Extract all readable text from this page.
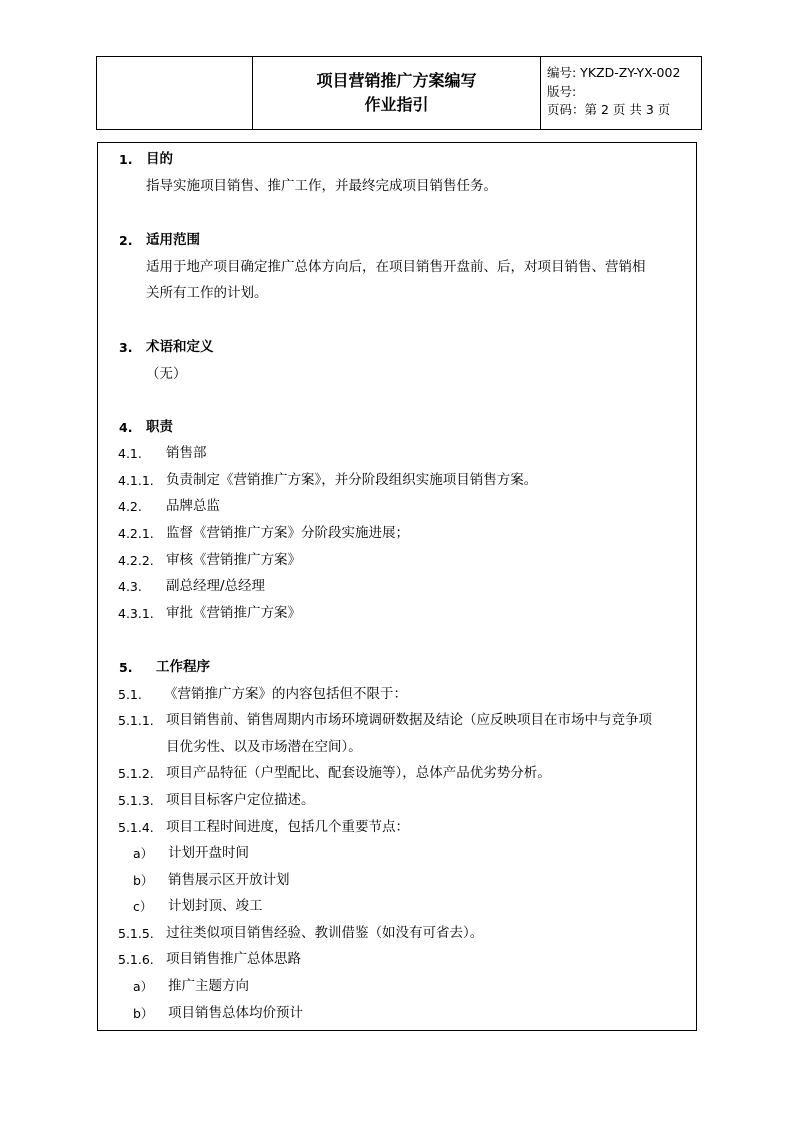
项目营销推广方案编写
作业指引
编号: YKZD-ZY-YX-002
版号:
页码：第 2 页 共 3 页
1. 目的
指导实施项目销售、推广工作，并最终完成项目销售任务。
2. 适用范围
适用于地产项目确定推广总体方向后，在项目销售开盘前、后，对项目销售、营销相
关所有工作的计划。
3. 术语和定义
（无）
4. 职责
4.1. 销售部
4.1.1. 负责制定《营销推广方案》，并分阶段组织实施项目销售方案。
4.2. 品牌总监
4.2.1. 监督《营销推广方案》分阶段实施进展；
4.2.2. 审核《营销推广方案》
4.3. 副总经理/总经理
4.3.1. 审批《营销推广方案》
5. 工作程序
5.1. 《营销推广方案》的内容包括但不限于：
5.1.1. 项目销售前、销售周期内市场环境调研数据及结论（应反映项目在市场中与竞争项
目优劣性、以及市场潜在空间）。
5.1.2. 项目产品特征（户型配比、配套设施等），总体产品优劣势分析。
5.1.3. 项目目标客户定位描述。
5.1.4. 项目工程时间进度，包括几个重要节点：
a） 计划开盘时间
b） 销售展示区开放计划
c） 计划封顶、竣工
5.1.5. 过往类似项目销售经验、教训借鉴（如没有可省去）。
5.1.6. 项目销售推广总体思路
a） 推广主题方向
b） 项目销售总体均价预计
